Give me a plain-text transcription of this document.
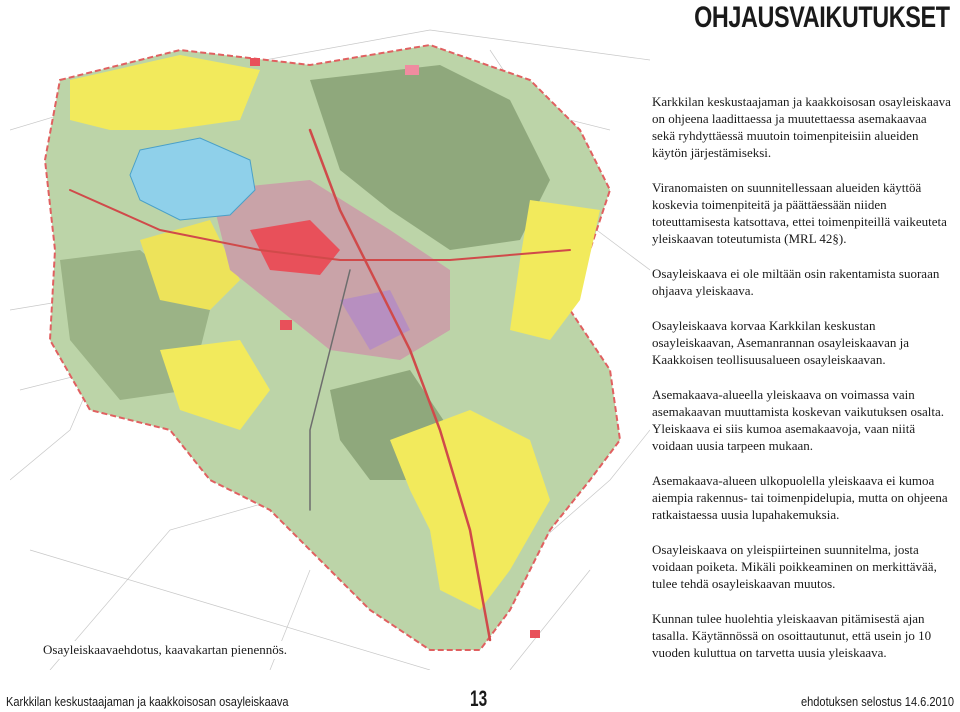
OHJAUSVAIKUTUKSET
Osayleiskaavaehdotus, kaavakartan pienennös.

Karkkilan keskustaajaman ja kaakkoisosan osayleiskaava on ohjeena laadittaessa ja muutettaessa asemakaavaa sekä ryhdyttäessä muutoin toimenpiteisiin alueiden käytön järjestämiseksi.

Viranomaisten on suunnitellessaan alueiden käyttöä koskevia toimenpiteitä ja päättäessään niiden toteuttamisesta katsottava, ettei toimenpiteillä vaikeuteta yleiskaavan toteutumista (MRL 42§).

Osayleiskaava ei ole miltään osin rakentamista suoraan ohjaava yleiskaava.

Osayleiskaava korvaa Karkkilan keskustan osayleiskaavan, Asemanrannan osayleiskaavan ja Kaakkoisen teollisuusalueen osayleiskaavan.

Asemakaava-alueella yleiskaava on voimassa vain asemakaavan muuttamista koskevan vaikutuksen osalta. Yleiskaava ei siis kumoa asemakaavoja, vaan niitä voidaan uusia tarpeen mukaan.

Asemakaava-alueen ulkopuolella yleiskaava ei kumoa aiempia rakennus- tai toimenpidelupia, mutta on ohjeena ratkaistaessa uusia lupahakemuksia.

Osayleiskaava on yleispiirteinen suunnitelma, josta voidaan poiketa. Mikäli poikkeaminen on merkittävää, tulee tehdä osayleiskaavan muutos.

Kunnan tulee huolehtia yleiskaavan pitämisestä ajan tasalla. Käytännössä on osoittautunut, että usein jo 10 vuoden kuluttua on tarvetta uusia yleiskaava.

Karkkilan keskustaajaman ja kaakkoisosan osayleiskaava	13	ehdotuksen selostus 14.6.2010
